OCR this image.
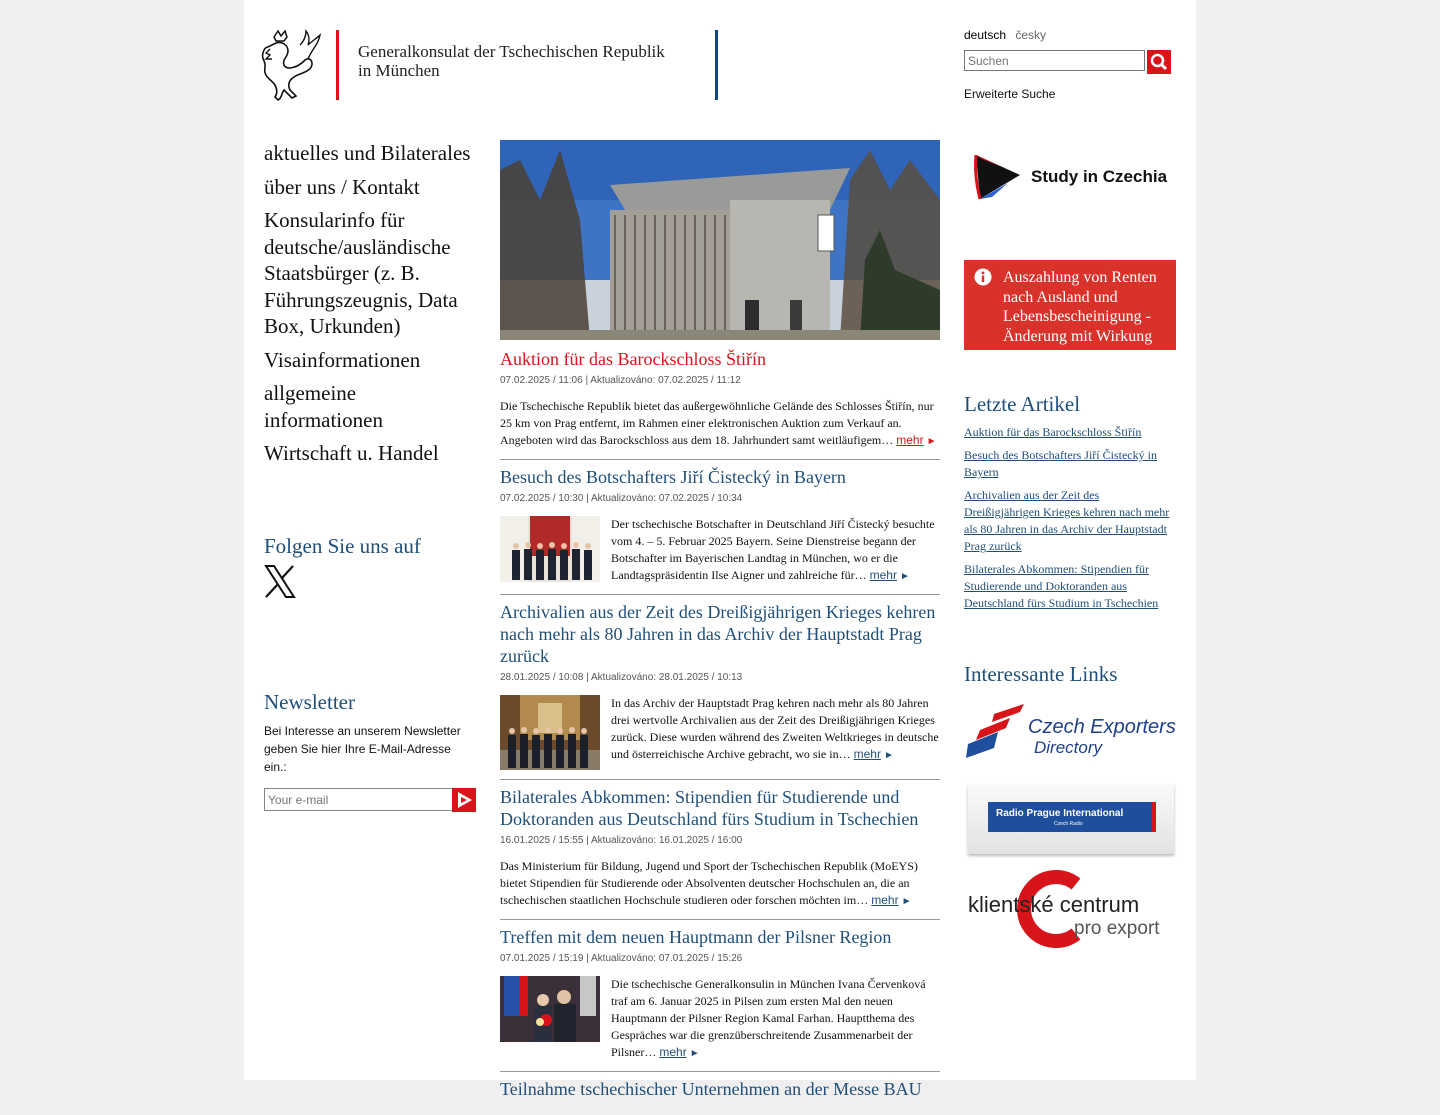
Generalkonsulat der Tschechischen Republik
in München
deutsch česky
Suchen
Erweiterte Suche
aktuelles und Bilaterales
über uns / Kontakt
Konsularinfo für deutsche/ausländische Staatsbürger (z. B. Führungszeugnis, Data Box, Urkunden)
Visainformationen
allgemeine informationen
Wirtschaft u. Handel
Folgen Sie uns auf
Newsletter
Bei Interesse an unserem Newsletter geben Sie hier Ihre E-Mail-Adresse ein.:
Your e-mail
Auktion für das Barockschloss Štiřín
07.02.2025 / 11:06 | Aktualizováno: 07.02.2025 / 11:12
Die Tschechische Republik bietet das außergewöhnliche Gelände des Schlosses Štiřín, nur 25 km von Prag entfernt, im Rahmen einer elektronischen Auktion zum Verkauf an. Angeboten wird das Barockschloss aus dem 18. Jahrhundert samt weitläufigem… mehr ►
Besuch des Botschafters Jiří Čistecký in Bayern
07.02.2025 / 10:30 | Aktualizováno: 07.02.2025 / 10:34
Der tschechische Botschafter in Deutschland Jiří Čistecký besuchte vom 4. – 5. Februar 2025 Bayern. Seine Dienstreise begann der Botschafter im Bayerischen Landtag in München, wo er die Landtagspräsidentin Ilse Aigner und zahlreiche für… mehr ►
Archivalien aus der Zeit des Dreißigjährigen Krieges kehren nach mehr als 80 Jahren in das Archiv der Hauptstadt Prag zurück
28.01.2025 / 10:08 | Aktualizováno: 28.01.2025 / 10:13
In das Archiv der Hauptstadt Prag kehren nach mehr als 80 Jahren drei wertvolle Archivalien aus der Zeit des Dreißigjährigen Krieges zurück. Diese wurden während des Zweiten Weltkrieges in deutsche und österreichische Archive gebracht, wo sie in… mehr ►
Bilaterales Abkommen: Stipendien für Studierende und Doktoranden aus Deutschland fürs Studium in Tschechien
16.01.2025 / 15:55 | Aktualizováno: 16.01.2025 / 16:00
Das Ministerium für Bildung, Jugend und Sport der Tschechischen Republik (MoEYS) bietet Stipendien für Studierende oder Absolventen deutscher Hochschulen an, die an tschechischen staatlichen Hochschule studieren oder forschen möchten im… mehr ►
Treffen mit dem neuen Hauptmann der Pilsner Region
07.01.2025 / 15:19 | Aktualizováno: 07.01.2025 / 15:26
Die tschechische Generalkonsulin in München Ivana Červenková traf am 6. Januar 2025 in Pilsen zum ersten Mal den neuen Hauptmann der Pilsner Region Kamal Farhan. Hauptthema des Gespräches war die grenzüberschreitende Zusammenarbeit der Pilsner… mehr ►
Teilnahme tschechischer Unternehmen an der Messe BAU
Study in Czechia
Auszahlung von Renten nach Ausland und Lebensbescheinigung - Änderung mit Wirkung
Letzte Artikel
Auktion für das Barockschloss Štiřín
Besuch des Botschafters Jiří Čistecký in Bayern
Archivalien aus der Zeit des Dreißigjährigen Krieges kehren nach mehr als 80 Jahren in das Archiv der Hauptstadt Prag zurück
Bilaterales Abkommen: Stipendien für Studierende und Doktoranden aus Deutschland fürs Studium in Tschechien
Interessante Links
Czech Exporters
Directory
Radio Prague International
Czech Radio
klientské centrum
pro export
